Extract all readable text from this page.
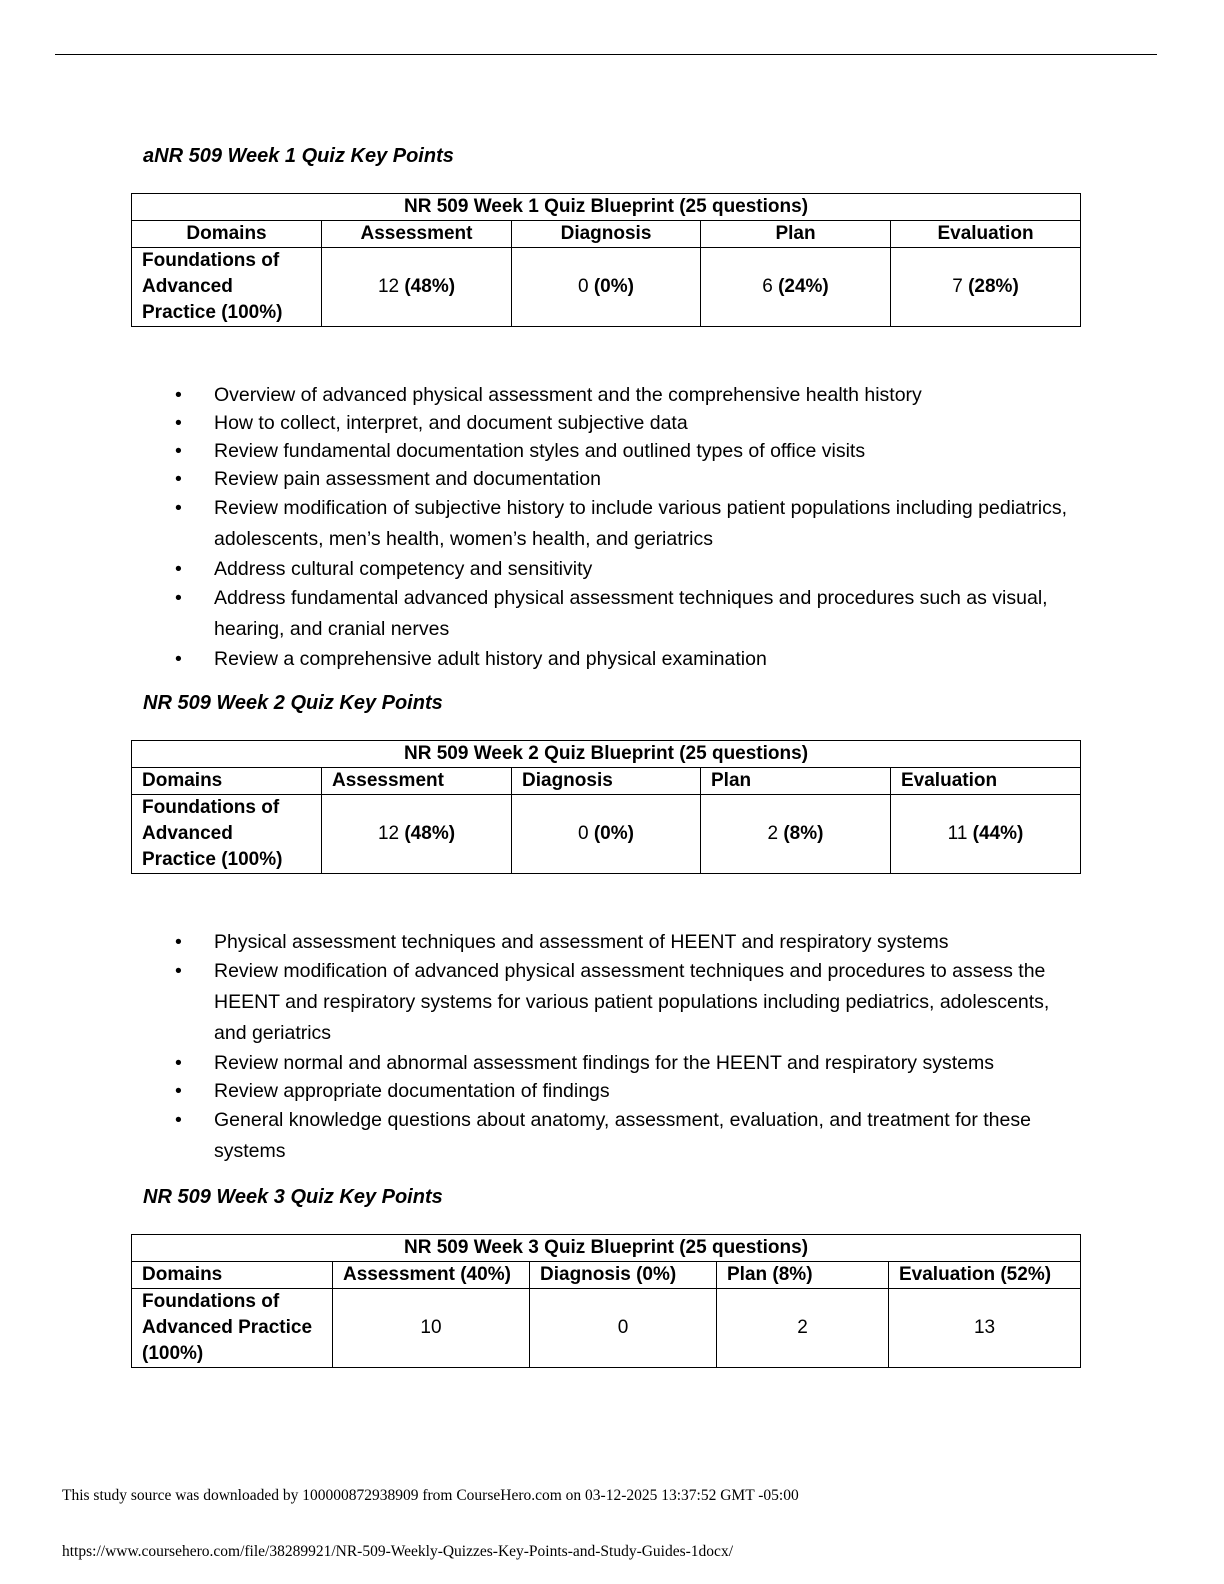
aNR 509 Week 1 Quiz Key Points
NR 509 Week 1 Quiz Blueprint (25 questions)				
Domains	Assessment	Diagnosis	Plan	Evaluation
Foundations of Advanced Practice (100%)	12 (48%)	0 (0%)	6 (24%)	7 (28%)
• Overview of advanced physical assessment and the comprehensive health history
• How to collect, interpret, and document subjective data
• Review fundamental documentation styles and outlined types of office visits
• Review pain assessment and documentation
• Review modification of subjective history to include various patient populations including pediatrics, adolescents, men’s health, women’s health, and geriatrics
• Address cultural competency and sensitivity
• Address fundamental advanced physical assessment techniques and procedures such as visual, hearing, and cranial nerves
• Review a comprehensive adult history and physical examination
NR 509 Week 2 Quiz Key Points
NR 509 Week 2 Quiz Blueprint (25 questions)				
Domains	Assessment	Diagnosis	Plan	Evaluation
Foundations of Advanced Practice (100%)	12 (48%)	0 (0%)	2 (8%)	11 (44%)
• Physical assessment techniques and assessment of HEENT and respiratory systems
• Review modification of advanced physical assessment techniques and procedures to assess the HEENT and respiratory systems for various patient populations including pediatrics, adolescents, and geriatrics
• Review normal and abnormal assessment findings for the HEENT and respiratory systems
• Review appropriate documentation of findings
• General knowledge questions about anatomy, assessment, evaluation, and treatment for these systems
NR 509 Week 3 Quiz Key Points
NR 509 Week 3 Quiz Blueprint (25 questions)				
Domains	Assessment (40%)	Diagnosis (0%)	Plan (8%)	Evaluation (52%)
Foundations of Advanced Practice (100%)	10	0	2	13

This study source was downloaded by 100000872938909 from CourseHero.com on 03-12-2025 13:37:52 GMT -05:00

https://www.coursehero.com/file/38289921/NR-509-Weekly-Quizzes-Key-Points-and-Study-Guides-1docx/
